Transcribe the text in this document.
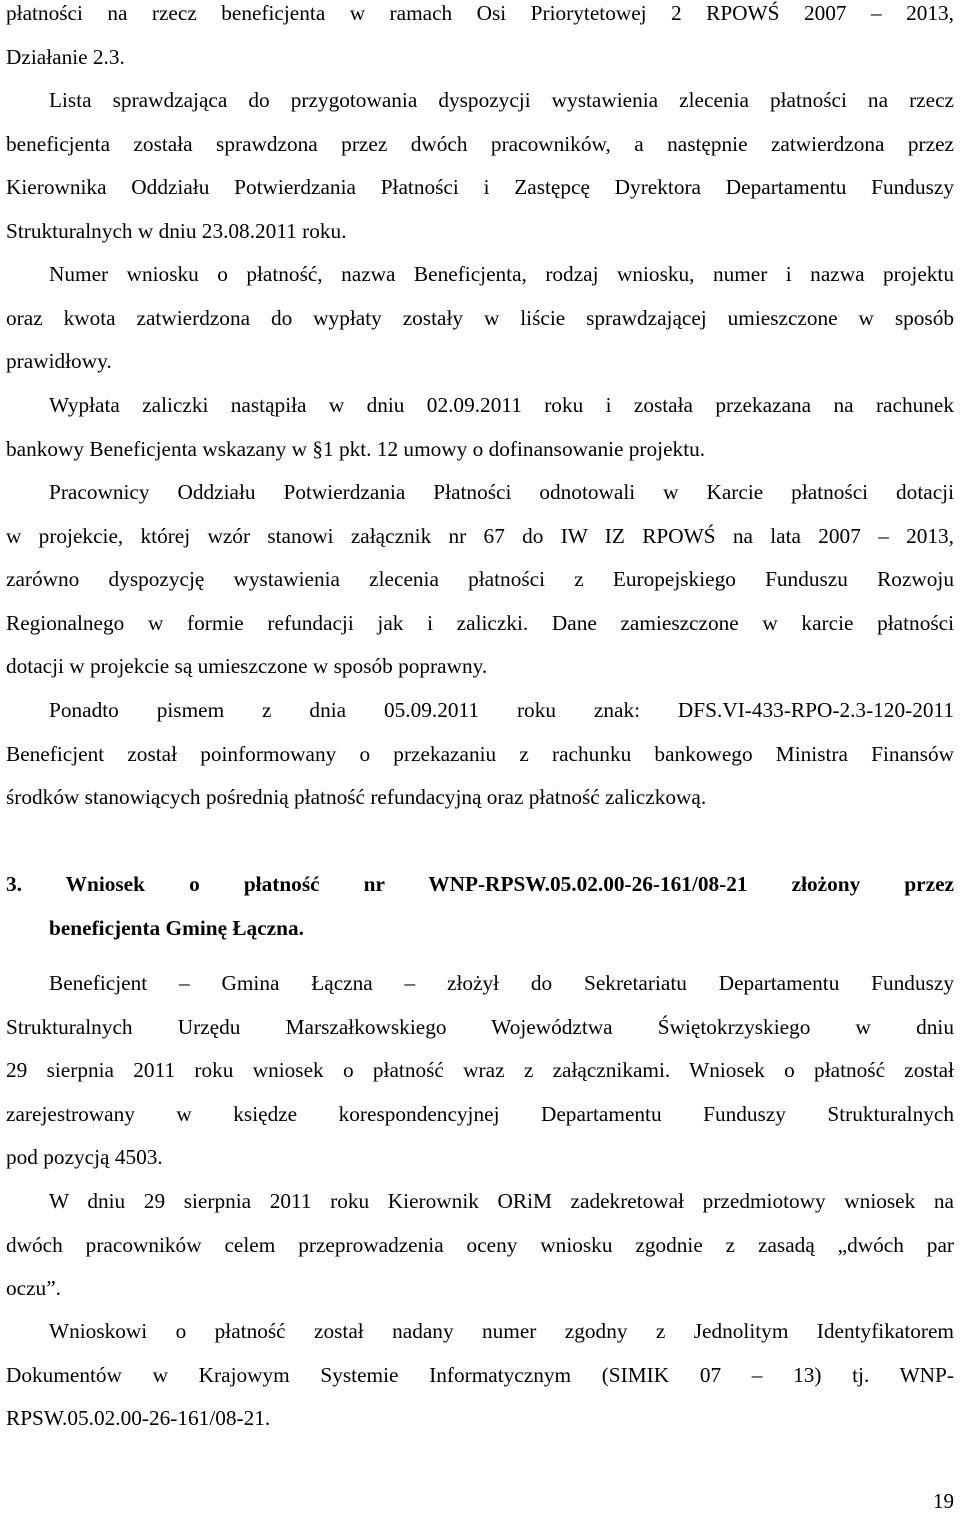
płatności na rzecz beneficjenta w ramach Osi Priorytetowej 2 RPOWŚ 2007 – 2013,
Działanie 2.3.
Lista sprawdzająca do przygotowania dyspozycji wystawienia zlecenia płatności na rzecz
beneficjenta została sprawdzona przez dwóch pracowników, a następnie zatwierdzona przez
Kierownika Oddziału Potwierdzania Płatności i Zastępcę Dyrektora Departamentu Funduszy
Strukturalnych w dniu 23.08.2011 roku.
Numer wniosku o płatność, nazwa Beneficjenta, rodzaj wniosku, numer i nazwa projektu
oraz kwota zatwierdzona do wypłaty zostały w liście sprawdzającej umieszczone w sposób
prawidłowy.
Wypłata zaliczki nastąpiła w dniu 02.09.2011 roku i została przekazana na rachunek
bankowy Beneficjenta wskazany w §1 pkt. 12 umowy o dofinansowanie projektu.
Pracownicy Oddziału Potwierdzania Płatności odnotowali w Karcie płatności dotacji
w projekcie, której wzór stanowi załącznik nr 67 do IW IZ RPOWŚ na lata 2007 – 2013,
zarówno dyspozycję wystawienia zlecenia płatności z Europejskiego Funduszu Rozwoju
Regionalnego w formie refundacji jak i zaliczki. Dane zamieszczone w karcie płatności
dotacji w projekcie są umieszczone w sposób poprawny.
Ponadto pismem z dnia 05.09.2011 roku znak: DFS.VI-433-RPO-2.3-120-2011
Beneficjent został poinformowany o przekazaniu z rachunku bankowego Ministra Finansów
środków stanowiących pośrednią płatność refundacyjną oraz płatność zaliczkową.
3. Wniosek o płatność nr WNP-RPSW.05.02.00-26-161/08-21 złożony przez
beneficjenta Gminę Łączna.
Beneficjent – Gmina Łączna – złożył do Sekretariatu Departamentu Funduszy
Strukturalnych Urzędu Marszałkowskiego Województwa Świętokrzyskiego w dniu
29 sierpnia 2011 roku wniosek o płatność wraz z załącznikami. Wniosek o płatność został
zarejestrowany w księdze korespondencyjnej Departamentu Funduszy Strukturalnych
pod pozycją 4503.
W dniu 29 sierpnia 2011 roku Kierownik ORiM zadekretował przedmiotowy wniosek na
dwóch pracowników celem przeprowadzenia oceny wniosku zgodnie z zasadą „dwóch par
oczu”.
Wnioskowi o płatność został nadany numer zgodny z Jednolitym Identyfikatorem
Dokumentów w Krajowym Systemie Informatycznym (SIMIK 07 – 13) tj. WNP-
RPSW.05.02.00-26-161/08-21.
19
